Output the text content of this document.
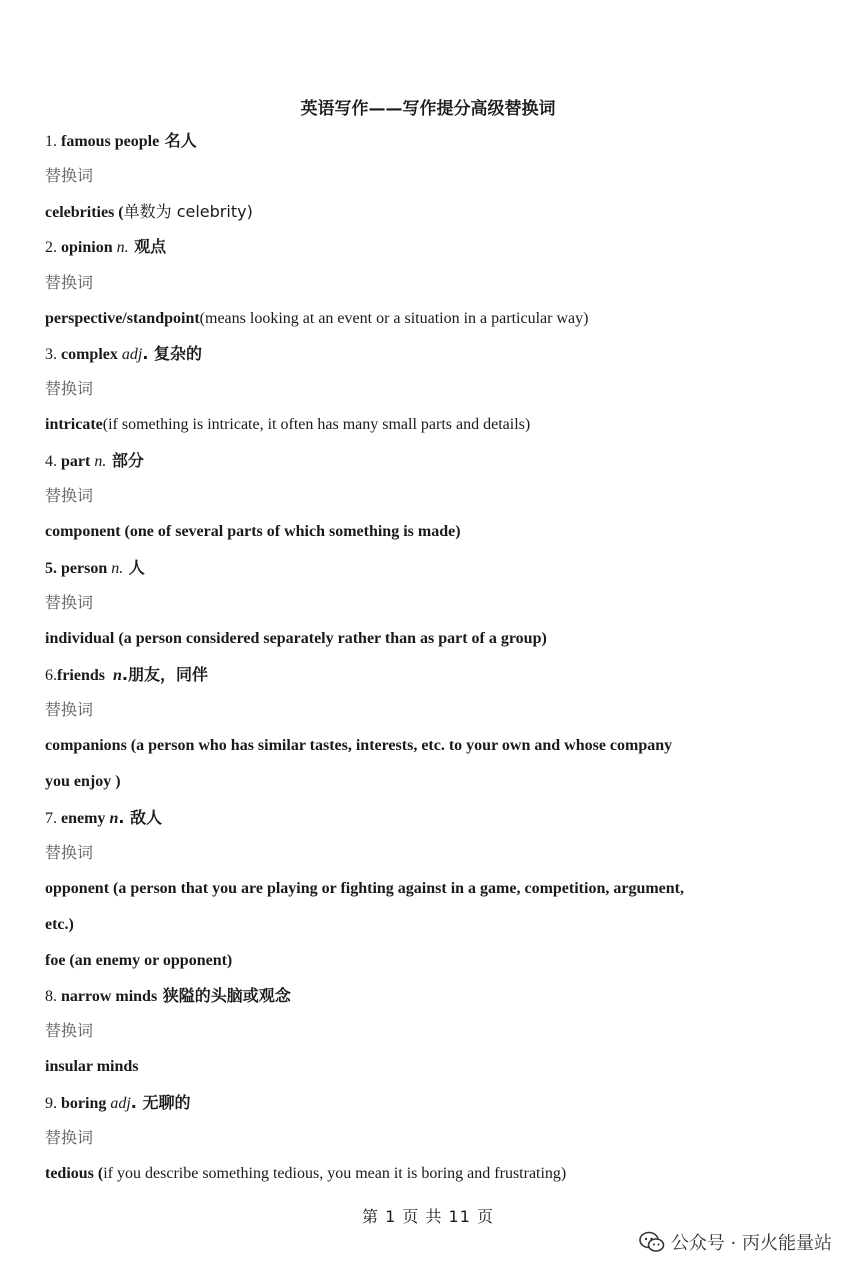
英语写作——写作提分高级替换词
1. famous people 名人
替换词
celebrities (单数为 celebrity)
2. opinion n. 观点
替换词
perspective/standpoint(means looking at an event or a situation in a particular way)
3. complex adj. 复杂的
替换词
intricate(if something is intricate, it often has many small parts and details)
4. part n. 部分
替换词
component (one of several parts of which something is made)
5. person n. 人
替换词
individual (a person considered separately rather than as part of a group)
6.friends  n.朋友，同伴
替换词
companions (a person who has similar tastes, interests, etc. to your own and whose company
you enjoy )
7. enemy n. 敌人
替换词
opponent (a person that you are playing or fighting against in a game, competition, argument,
etc.)
foe (an enemy or opponent)
8. narrow minds 狭隘的头脑或观念
替换词
insular minds
9. boring adj. 无聊的
替换词
tedious (if you describe something tedious, you mean it is boring and frustrating)
第 1 页 共 11 页
公众号 · 丙火能量站
